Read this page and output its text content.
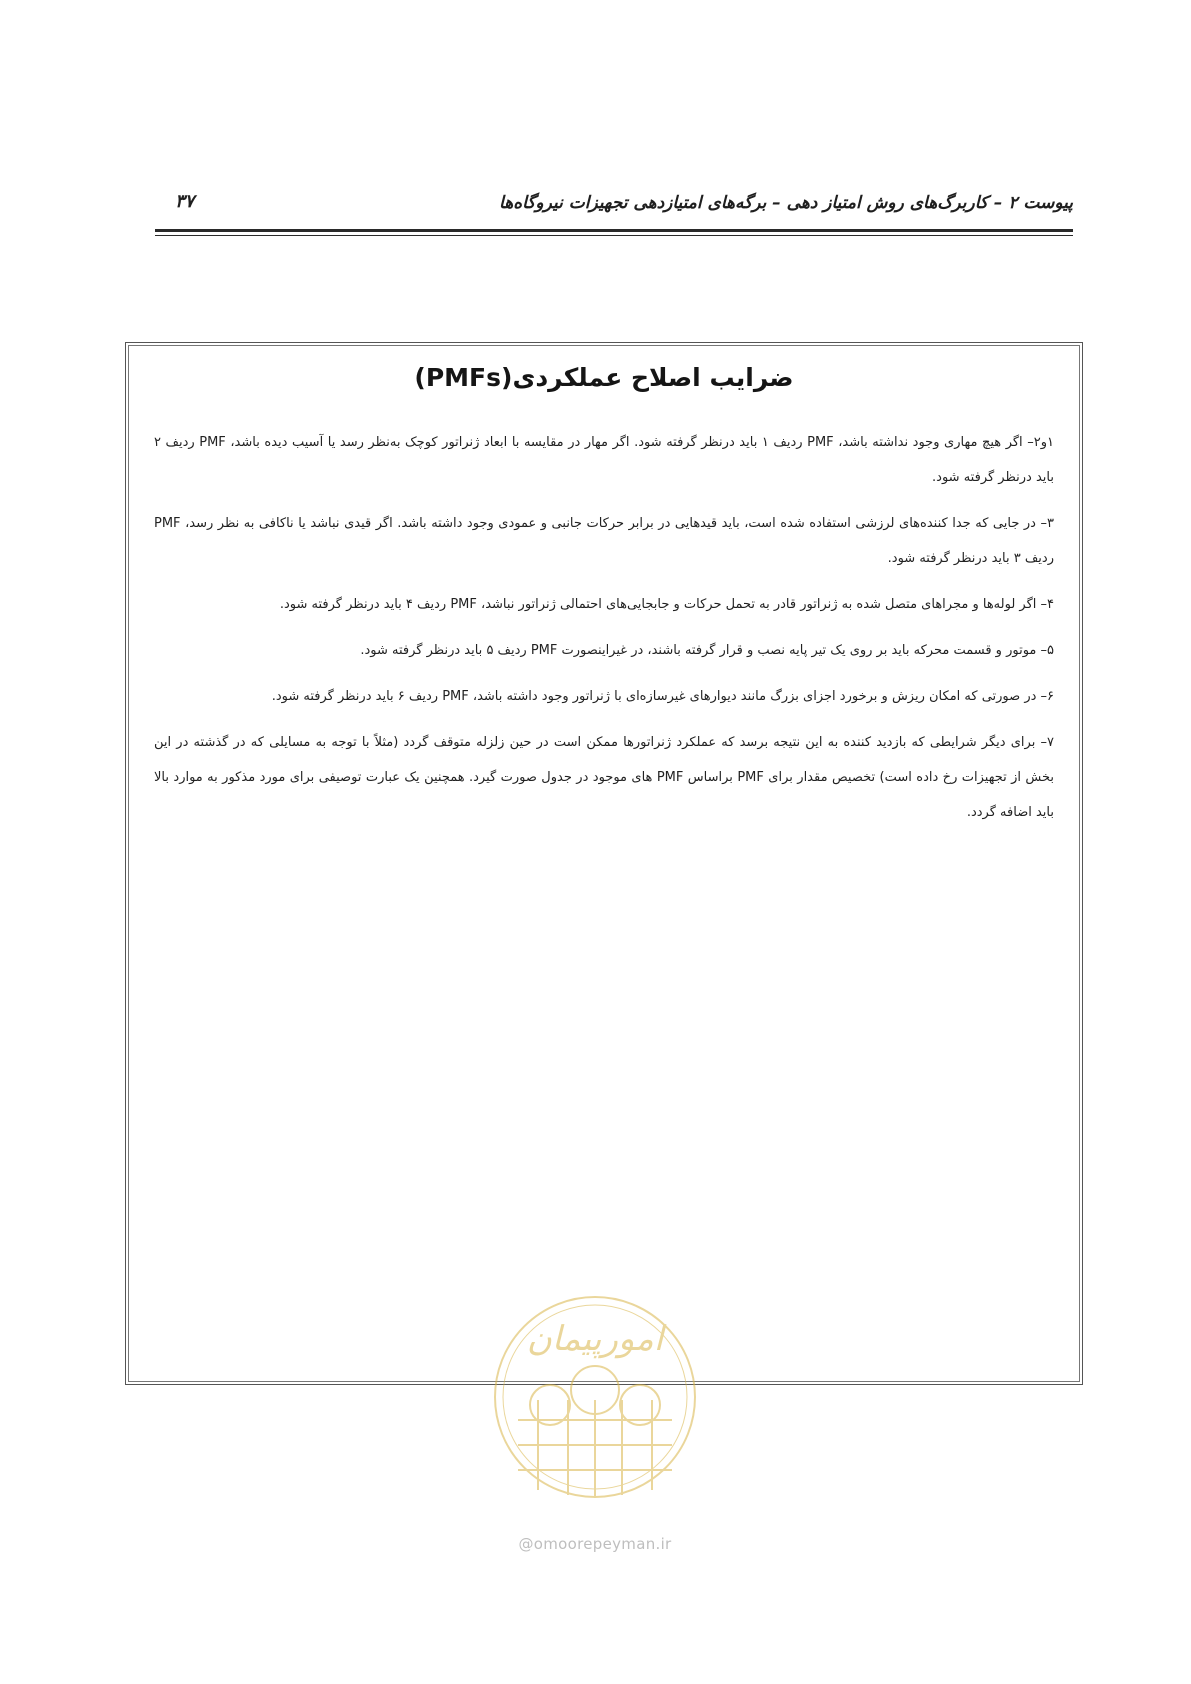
پیوست ۲ – کاربرگ‌های روش امتیاز دهی – برگه‌های امتیازدهی تجهیزات نیروگاه‌ها
۳۷
ضرایب اصلاح عملکردی(PMFs)

۱و۲– اگر هیچ مهاری وجود نداشته باشد، PMF ردیف ۱ باید درنظر گرفته شود. اگر مهار در مقایسه با ابعاد ژنراتور کوچک به‌نظر رسد یا آسیب دیده باشد، PMF ردیف ۲ باید درنظر گرفته شود.

۳– در جایی که جدا کننده‌های لرزشی استفاده شده است، باید قیدهایی در برابر حرکات جانبی و عمودی وجود داشته باشد. اگر قیدی نباشد یا ناکافی به نظر رسد، PMF ردیف ۳ باید درنظر گرفته شود.

۴– اگر لوله‌ها و مجراهای متصل شده به ژنراتور قادر به تحمل حرکات و جابجایی‌های احتمالی ژنراتور نباشد، PMF ردیف ۴ باید درنظر گرفته شود.

۵– موتور و قسمت محرکه باید بر روی یک تیر پایه نصب و قرار گرفته باشند، در غیراینصورت PMF ردیف ۵ باید درنظر گرفته شود.

۶– در صورتی که امکان ریزش و برخورد اجزای بزرگ مانند دیوارهای غیرسازه‌ای با ژنراتور وجود داشته باشد، PMF ردیف ۶ باید درنظر گرفته شود.

۷– برای دیگر شرایطی که بازدید کننده به این نتیجه برسد که عملکرد ژنراتورها ممکن است در حین زلزله متوقف گردد (مثلاً با توجه به مسایلی که در گذشته در این بخش از تجهیزات رخ داده است) تخصیص مقدار برای PMF براساس PMF های موجود در جدول صورت گیرد. همچنین یک عبارت توصیفی برای مورد مذکور به موارد بالا باید اضافه گردد.

امورپیمان
@omoorepeyman.ir
